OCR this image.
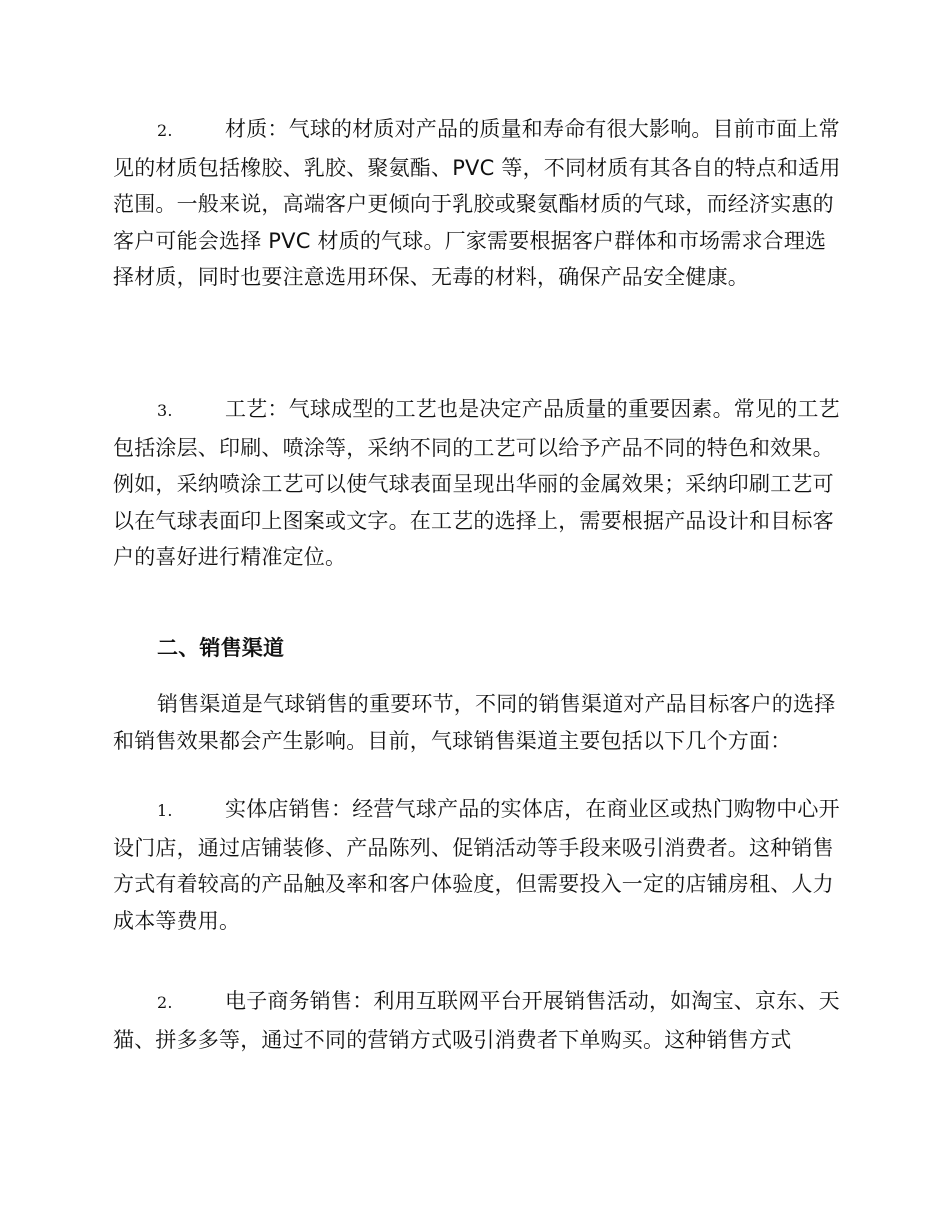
2. 材质：气球的材质对产品的质量和寿命有很大影响。目前市面上常见的材质包括橡胶、乳胶、聚氨酯、PVC 等，不同材质有其各自的特点和适用范围。一般来说，高端客户更倾向于乳胶或聚氨酯材质的气球，而经济实惠的客户可能会选择 PVC 材质的气球。厂家需要根据客户群体和市场需求合理选择材质，同时也要注意选用环保、无毒的材料，确保产品安全健康。
3. 工艺：气球成型的工艺也是决定产品质量的重要因素。常见的工艺包括涂层、印刷、喷涂等，采纳不同的工艺可以给予产品不同的特色和效果。例如，采纳喷涂工艺可以使气球表面呈现出华丽的金属效果；采纳印刷工艺可以在气球表面印上图案或文字。在工艺的选择上，需要根据产品设计和目标客户的喜好进行精准定位。
二、销售渠道
销售渠道是气球销售的重要环节，不同的销售渠道对产品目标客户的选择和销售效果都会产生影响。目前，气球销售渠道主要包括以下几个方面：
1. 实体店销售：经营气球产品的实体店，在商业区或热门购物中心开设门店，通过店铺装修、产品陈列、促销活动等手段来吸引消费者。这种销售方式有着较高的产品触及率和客户体验度，但需要投入一定的店铺房租、人力成本等费用。
2. 电子商务销售：利用互联网平台开展销售活动，如淘宝、京东、天猫、拼多多等，通过不同的营销方式吸引消费者下单购买。这种销售方式
